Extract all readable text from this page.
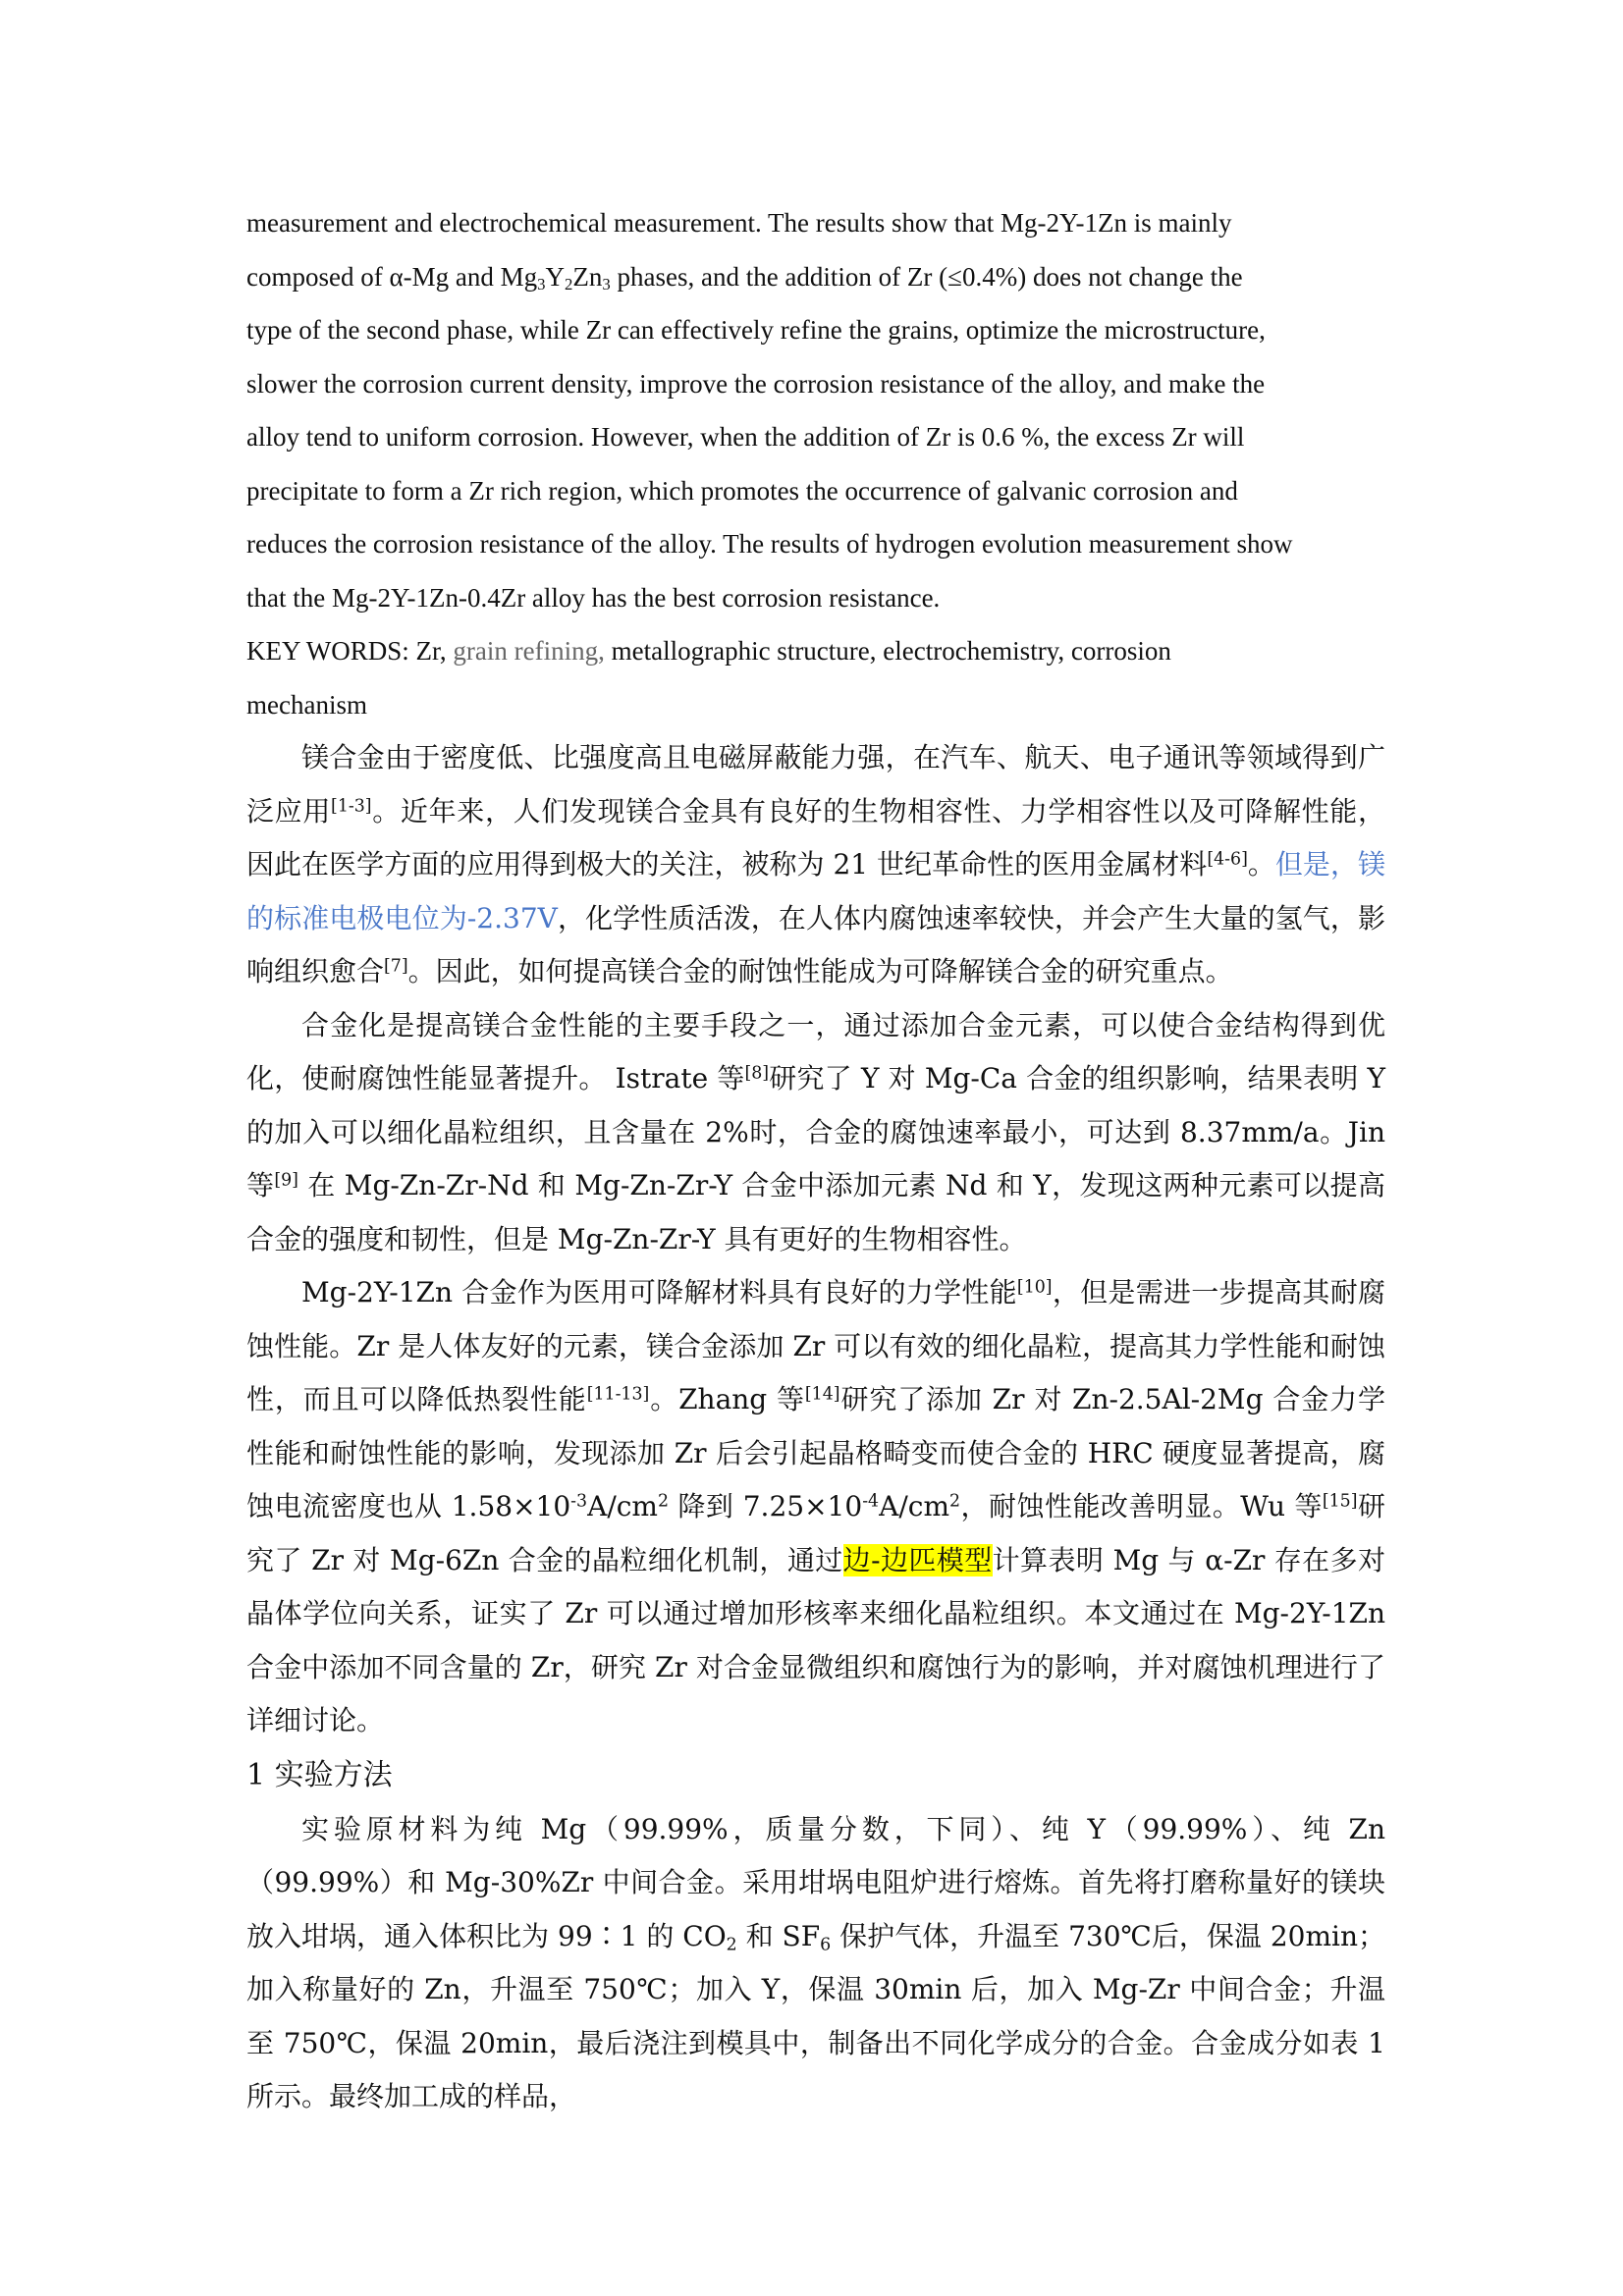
measurement and electrochemical measurement. The results show that Mg-2Y-1Zn is mainly

composed of α-Mg and $Mg_3Y_2Zn_3$ phases, and the addition of Zr (≤0.4%) does not change the

type of the second phase, while Zr can effectively refine the grains, optimize the microstructure,

slower the corrosion current density, improve the corrosion resistance of the alloy, and make the

alloy tend to uniform corrosion. However, when the addition of Zr is 0.6 %, the excess Zr will

precipitate to form a Zr rich region, which promotes the occurrence of galvanic corrosion and

reduces the corrosion resistance of the alloy. The results of hydrogen evolution measurement show

that the Mg-2Y-1Zn-0.4Zr alloy has the best corrosion resistance.

KEY WORDS: Zr, grain refining, metallographic structure, electrochemistry, corrosion

mechanism

镁合金由于密度低、比强度高且电磁屏蔽能力强，在汽车、航天、电子通讯等领域得到广泛应用[1-3]。近年来，人们发现镁合金具有良好的生物相容性、力学相容性以及可降解性能，因此在医学方面的应用得到极大的关注，被称为 21 世纪革命性的医用金属材料[4-6]。但是，镁的标准电极电位为-2.37V，化学性质活泼，在人体内腐蚀速率较快，并会产生大量的氢气，影响组织愈合[7]。因此，如何提高镁合金的耐蚀性能成为可降解镁合金的研究重点。

合金化是提高镁合金性能的主要手段之一，通过添加合金元素，可以使合金结构得到优化，使耐腐蚀性能显著提升。 Istrate 等[8]研究了 Y 对 Mg-Ca 合金的组织影响，结果表明 Y 的加入可以细化晶粒组织，且含量在 2%时，合金的腐蚀速率最小，可达到 8.37mm/a。Jin 等[9] 在 Mg-Zn-Zr-Nd 和 Mg-Zn-Zr-Y 合金中添加元素 Nd 和 Y，发现这两种元素可以提高合金的强度和韧性，但是 Mg-Zn-Zr-Y 具有更好的生物相容性。

Mg-2Y-1Zn 合金作为医用可降解材料具有良好的力学性能[10]，但是需进一步提高其耐腐蚀性能。Zr 是人体友好的元素，镁合金添加 Zr 可以有效的细化晶粒，提高其力学性能和耐蚀性，而且可以降低热裂性能[11-13]。Zhang 等[14]研究了添加 Zr 对 Zn-2.5Al-2Mg 合金力学性能和耐蚀性能的影响，发现添加 Zr 后会引起晶格畸变而使合金的 HRC 硬度显著提高，腐蚀电流密度也从 $1.58\times 10^{-3}A/cm^2$ 降到 $7.25\times 10^{-4}A/cm^2$，耐蚀性能改善明显。Wu 等[15]研究了 Zr 对 Mg-6Zn 合金的晶粒细化机制，通过边-边匹模型计算表明 Mg 与 α-Zr 存在多对晶体学位向关系，证实了 Zr 可以通过增加形核率来细化晶粒组织。本文通过在 Mg-2Y-1Zn 合金中添加不同含量的 Zr，研究 Zr 对合金显微组织和腐蚀行为的影响，并对腐蚀机理进行了详细讨论。

1 实验方法

实验原材料为纯 Mg（99.99%，质量分数，下同）、纯 Y（99.99%）、纯 Zn（99.99%）和 Mg-30%Zr 中间合金。采用坩埚电阻炉进行熔炼。首先将打磨称量好的镁块放入坩埚，通入体积比为 99∶1 的 $CO_2$ 和 $SF_6$ 保护气体，升温至 730℃后，保温 20min；加入称量好的 Zn，升温至 750℃；加入 Y，保温 30min 后，加入 Mg-Zr 中间合金；升温至 750℃，保温 20min，最后浇注到模具中，制备出不同化学成分的合金。合金成分如表 1 所示。最终加工成的样品，
